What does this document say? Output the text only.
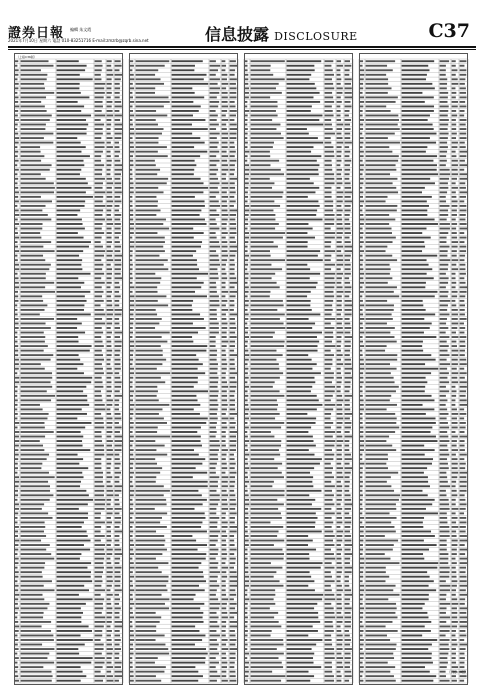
證券日報 編輯 朱文霞
2021年7月10日 星期六 電話 010-83251716 E-mail:zmzrb@zqrb.sina.net	信息披露 DISCLOSURE	C37
（上接C36版）
（下转C38版）
